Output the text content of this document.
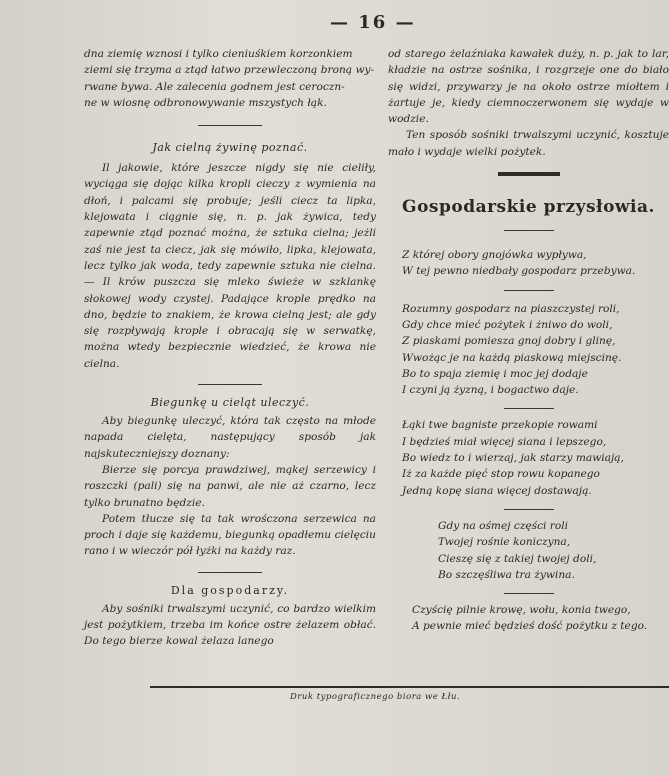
— 16 —
dna ziemię wznosi i tylko cieniuśkiem korzonkiem
ziemi się trzyma a ztąd łatwo przewleczoną broną wy-
rwane bywa. Ale zalecenia godnem jest ceroczn-
ne w wiosnę odbronowywanie mszystych łąk.

Jak cielną żywinę poznać.

Il jakowie, które jeszcze nigdy się nie cieliły, wyciąga się dojąc kilka kropli cieczy z wymienia na dłoń, i palcami się probuje; jeśli ciecz ta lipka, klejowata i ciągnie się, n. p. jak żywica, tedy zapewnie ztąd poznać można, że sztuka cielna; jeżli zaś nie jest ta ciecz, jak się mówiło, lipka, klejowata, lecz tylko jak woda, tedy zapewnie sztuka nie cielna. — Il krów puszcza się mleko świeże w szklankę słokowej wody czystej. Padające krople prędko na dno, będzie to znakiem, że krowa cielną jest; ale gdy się rozpływają krople i obracają się w serwatkę, można wtedy bezpiecznie wiedzieć, że krowa nie cielna.

Biegunkę u cieląt uleczyć.

Aby biegunkę uleczyć, która tak często na młode napada cielęta, następujący sposób jak najskuteczniejszy doznany:

Bierze się porcya prawdziwej, mąkej serzewicy i roszczki (pali) się na panwi, ale nie aż czarno, lecz tylko brunatno będzie.

Potem tłucze się ta tak wrośczona serzewica na proch i daje się każdemu, biegunką opadłemu cielęciu rano i w wieczór pół łyżki na każdy raz.

Dla gospodarzy.

Aby sośniki trwalszymi uczynić, co bardzo wielkim jest pożytkiem, trzeba im końce ostre żelazem obłać. Do tego bierze kowal żelaza lanego

od starego żelaźniaka kawałek duży, n. p. jak to lar, kładzie na ostrze sośnika, i rozgrzeje one do biało się widzi, przywarzy je na około ostrze miołtem i żartuje je, kiedy ciemnoczerwonem się wydaje w wodzie.

Ten sposób sośniki trwalszymi uczynić, kosztuje mało i wydaje wielki pożytek.

Gospodarskie przysłowia.

Z której obory gnojówka wypływa,

W tej pewno niedbały gospodarz przebywa.

Rozumny gospodarz na piaszczystej roli,

Gdy chce mieć pożytek i żniwo do woli,

Z piaskami pomiesza gnoj dobry i glinę,

Wwożąc je na każdą piaskową miejscinę.

Bo to spaja ziemię i moc jej dodaje

I czyni ją żyzną, i bogactwo daje.

Łąki twe bagniste przekopie rowami

I będzieś miał więcej siana i lepszego,

Bo wiedz to i wierzaj, jak starzy mawiają,

Iż za każde pięć stop rowu kopanego

Jedną kopę siana więcej dostawają.

Gdy na ośmej części roli

Twojej rośnie koniczyna,

Cieszę się z takiej twojej doli,

Bo szczęśliwa tra żywina.

Czyścię pilnie krowę, wołu, konia twego,

A pewnie mieć będzieś dość pożytku z tego.

Druk typograficznego biora we Łłu.
